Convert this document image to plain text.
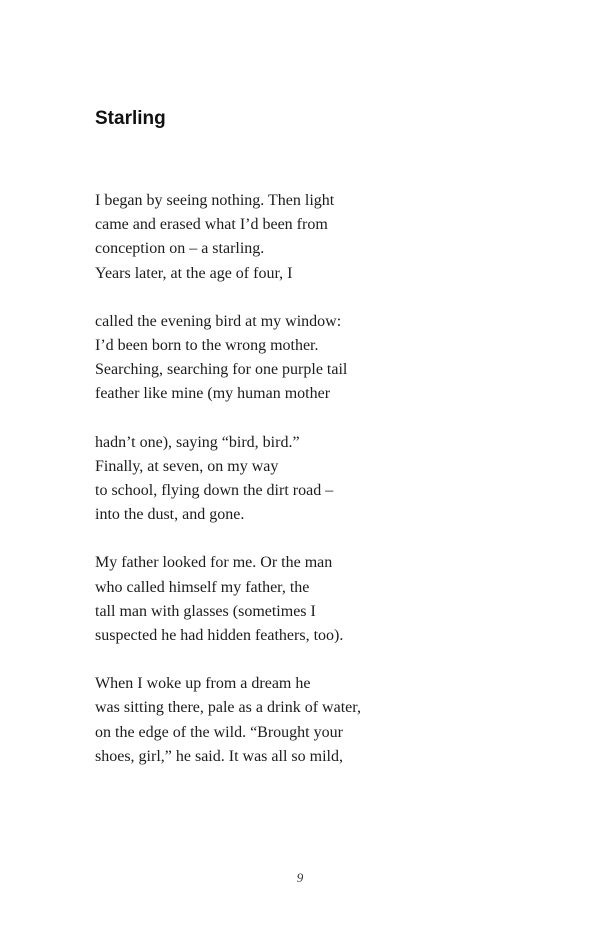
Starling
I began by seeing nothing. Then light
came and erased what I’d been from
conception on – a starling.
Years later, at the age of four, I
called the evening bird at my window:
I’d been born to the wrong mother.
Searching, searching for one purple tail
feather like mine (my human mother
hadn’t one), saying “bird, bird.”
Finally, at seven, on my way
to school, flying down the dirt road –
into the dust, and gone.
My father looked for me. Or the man
who called himself my father, the
tall man with glasses (sometimes I
suspected he had hidden feathers, too).
When I woke up from a dream he
was sitting there, pale as a drink of water,
on the edge of the wild. “Brought your
shoes, girl,” he said. It was all so mild,
9
